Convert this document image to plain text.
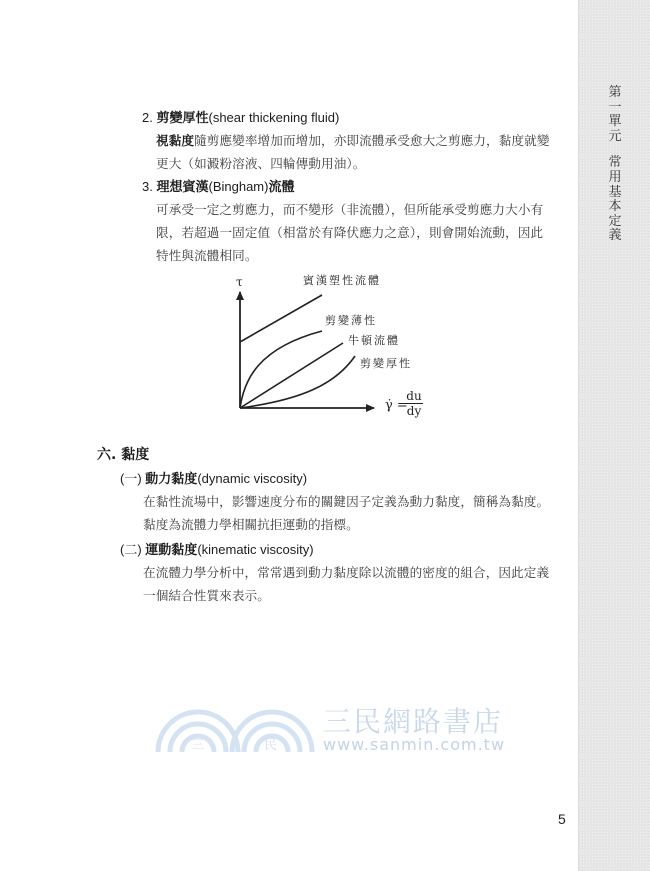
第
一
單
元
常
用
基
本
定
義
2. 剪變厚性(shear thickening fluid)
視黏度隨剪應變率增加而增加，亦即流體承受愈大之剪應力，黏度就變
更大（如澱粉溶液、四輪傳動用油）。
3. 理想賓漢(Bingham)流體
可承受一定之剪應力，而不變形（非流體），但所能承受剪應力大小有
限，若超過一固定值（相當於有降伏應力之意），則會開始流動，因此
特性與流體相同。
τ	賓漢塑性流體
剪變薄性
牛頓流體
剪變厚性
γ̇ =
$\frac{du}{dy}$
六. 黏度
(一) 動力黏度(dynamic viscosity)
在黏性流場中，影響速度分布的關鍵因子定義為動力黏度，簡稱為黏度。
黏度為流體力學相關抗拒運動的指標。
(二) 運動黏度(kinematic viscosity)
在流體力學分析中，常常遇到動力黏度除以流體的密度的組合，因此定義
一個結合性質來表示。
三	民
三民網路書店
www.sanmin.com.tw
5
